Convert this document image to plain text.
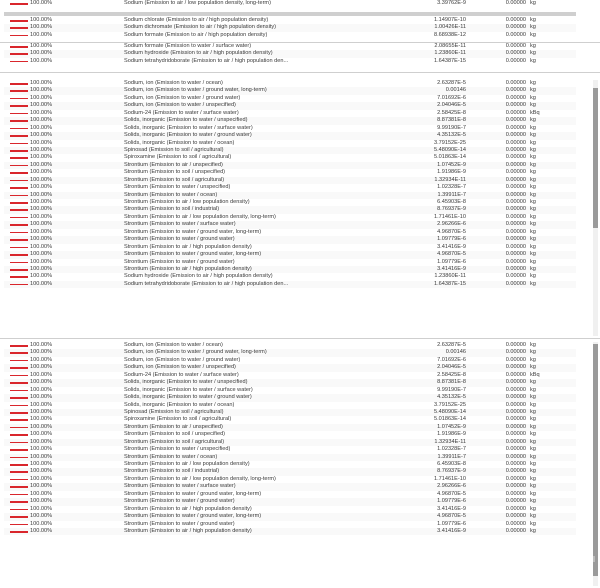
100.00%	Sodium (Emission to air / low population density, long-term)	3.39762E-9	0.00000 kg
100.00%	Sodium chlorate (Emission to air / high population density)	1.14907E-10	0.00000 kg
100.00%	Sodium dichromate (Emission to air / high population density)	1.00426E-11	0.00000 kg
100.00%	Sodium formate (Emission to air / high population density)	8.68938E-12	0.00000 kg
100.00%	Sodium formate (Emission to water / surface water)	2.08655E-11	0.00000 kg
100.00%	Sodium hydroxide (Emission to air / high population density)	1.23860E-11	0.00000 kg
100.00%	Sodium tetrahydridoborate (Emission to air / high population den...	1.64387E-15	0.00000 kg
100.00%	Sodium, ion (Emission to water / ocean)	2.63287E-5	0.00000 kg
100.00%	Sodium, ion (Emission to water / ground water, long-term)	0.00146	0.00000 kg
100.00%	Sodium, ion (Emission to water / ground water)	7.01692E-6	0.00000 kg
100.00%	Sodium, ion (Emission to water / unspecified)	2.04046E-5	0.00000 kg
100.00%	Sodium-24 (Emission to water / surface water)	2.58425E-8	0.00000 kBq
100.00%	Solids, inorganic (Emission to water / unspecified)	8.87381E-8	0.00000 kg
100.00%	Solids, inorganic (Emission to water / surface water)	9.99190E-7	0.00000 kg
100.00%	Solids, inorganic (Emission to water / ground water)	4.35132E-5	0.00000 kg
100.00%	Solids, inorganic (Emission to water / ocean)	3.79152E-25	0.00000 kg
100.00%	Spinosad (Emission to soil / agricultural)	5.48090E-14	0.00000 kg
100.00%	Spiroxamine (Emission to soil / agricultural)	5.01863E-14	0.00000 kg
100.00%	Strontium (Emission to air / unspecified)	1.07452E-9	0.00000 kg
100.00%	Strontium (Emission to soil / unspecified)	1.91986E-9	0.00000 kg
100.00%	Strontium (Emission to soil / agricultural)	1.32934E-11	0.00000 kg
100.00%	Strontium (Emission to water / unspecified)	1.02328E-7	0.00000 kg
100.00%	Strontium (Emission to water / ocean)	1.39911E-7	0.00000 kg
100.00%	Strontium (Emission to air / low population density)	6.45903E-8	0.00000 kg
100.00%	Strontium (Emission to soil / industrial)	8.76937E-9	0.00000 kg
100.00%	Strontium (Emission to air / low population density, long-term)	1.71461E-10	0.00000 kg
100.00%	Strontium (Emission to water / surface water)	2.96266E-6	0.00000 kg
100.00%	Strontium (Emission to water / ground water, long-term)	4.96870E-5	0.00000 kg
100.00%	Strontium (Emission to water / ground water)	1.09779E-6	0.00000 kg
100.00%	Strontium (Emission to air / high population density)	3.41416E-9	0.00000 kg
100.00%	Strontium (Emission to water / ground water, long-term)	4.96870E-5	0.00000 kg
100.00%	Strontium (Emission to water / ground water)	1.09779E-6	0.00000 kg
100.00%	Strontium (Emission to air / high population density)	3.41416E-9	0.00000 kg
100.00%	Sodium hydroxide (Emission to air / high population density)	1.23860E-11	0.00000 kg
100.00%	Sodium tetrahydridoborate (Emission to air / high population den...	1.64387E-15	0.00000 kg
100.00%	Sodium, ion (Emission to water / ocean)	2.63287E-5	0.00000 kg
100.00%	Sodium, ion (Emission to water / ground water, long-term)	0.00146	0.00000 kg
100.00%	Sodium, ion (Emission to water / ground water)	7.01692E-6	0.00000 kg
100.00%	Sodium, ion (Emission to water / unspecified)	2.04046E-5	0.00000 kg
100.00%	Sodium-24 (Emission to water / surface water)	2.58425E-8	0.00000 kBq
100.00%	Solids, inorganic (Emission to water / unspecified)	8.87381E-8	0.00000 kg
100.00%	Solids, inorganic (Emission to water / surface water)	9.99190E-7	0.00000 kg
100.00%	Solids, inorganic (Emission to water / ground water)	4.35132E-5	0.00000 kg
100.00%	Solids, inorganic (Emission to water / ocean)	3.79152E-25	0.00000 kg
100.00%	Spinosad (Emission to soil / agricultural)	5.48090E-14	0.00000 kg
100.00%	Spiroxamine (Emission to soil / agricultural)	5.01863E-14	0.00000 kg
100.00%	Strontium (Emission to air / unspecified)	1.07452E-9	0.00000 kg
100.00%	Strontium (Emission to soil / unspecified)	1.91986E-9	0.00000 kg
100.00%	Strontium (Emission to soil / agricultural)	1.32934E-11	0.00000 kg
100.00%	Strontium (Emission to water / unspecified)	1.02328E-7	0.00000 kg
100.00%	Strontium (Emission to water / ocean)	1.39911E-7	0.00000 kg
100.00%	Strontium (Emission to air / low population density)	6.45903E-8	0.00000 kg
100.00%	Strontium (Emission to soil / industrial)	8.76937E-9	0.00000 kg
100.00%	Strontium (Emission to air / low population density, long-term)	1.71461E-10	0.00000 kg
100.00%	Strontium (Emission to water / surface water)	2.96266E-6	0.00000 kg
100.00%	Strontium (Emission to water / ground water, long-term)	4.96870E-5	0.00000 kg
100.00%	Strontium (Emission to water / ground water)	1.09779E-6	0.00000 kg
100.00%	Strontium (Emission to air / high population density)	3.41416E-9	0.00000 kg
100.00%	Strontium (Emission to water / ground water, long-term)	4.96870E-5	0.00000 kg
100.00%	Strontium (Emission to water / ground water)	1.09779E-6	0.00000 kg
100.00%	Strontium (Emission to air / high population density)	3.41416E-9	0.00000 kg
